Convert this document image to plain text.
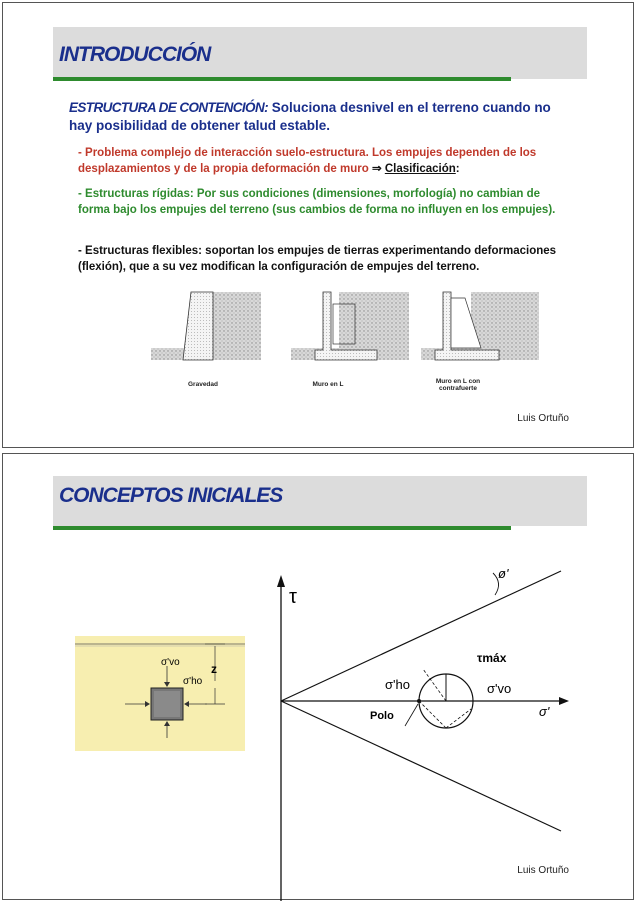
INTRODUCCIÓN
ESTRUCTURA DE CONTENCIÓN: Soluciona desnivel en el terreno cuando no hay posibilidad de obtener talud estable.
- Problema complejo de interacción suelo-estructura. Los empujes dependen de los desplazamientos y de la propia deformación de muro ⇒ Clasificación:
- Estructuras rígidas: Por sus condiciones (dimensiones, morfología) no cambian de forma bajo los empujes del terreno (sus cambios de forma no influyen en los empujes).
- Estructuras flexibles: soportan los empujes de tierras experimentando deformaciones (flexión), que a su vez modifican la configuración de empujes del terreno.
Gravedad	Muro en L	Muro en L con contrafuerte
Luis Ortuño
CONCEPTOS INICIALES
σ'vo
σ'ho
z
τ
ø'
τmáx
σ'ho	σ'vo
Polo	σ'
Luis Ortuño
